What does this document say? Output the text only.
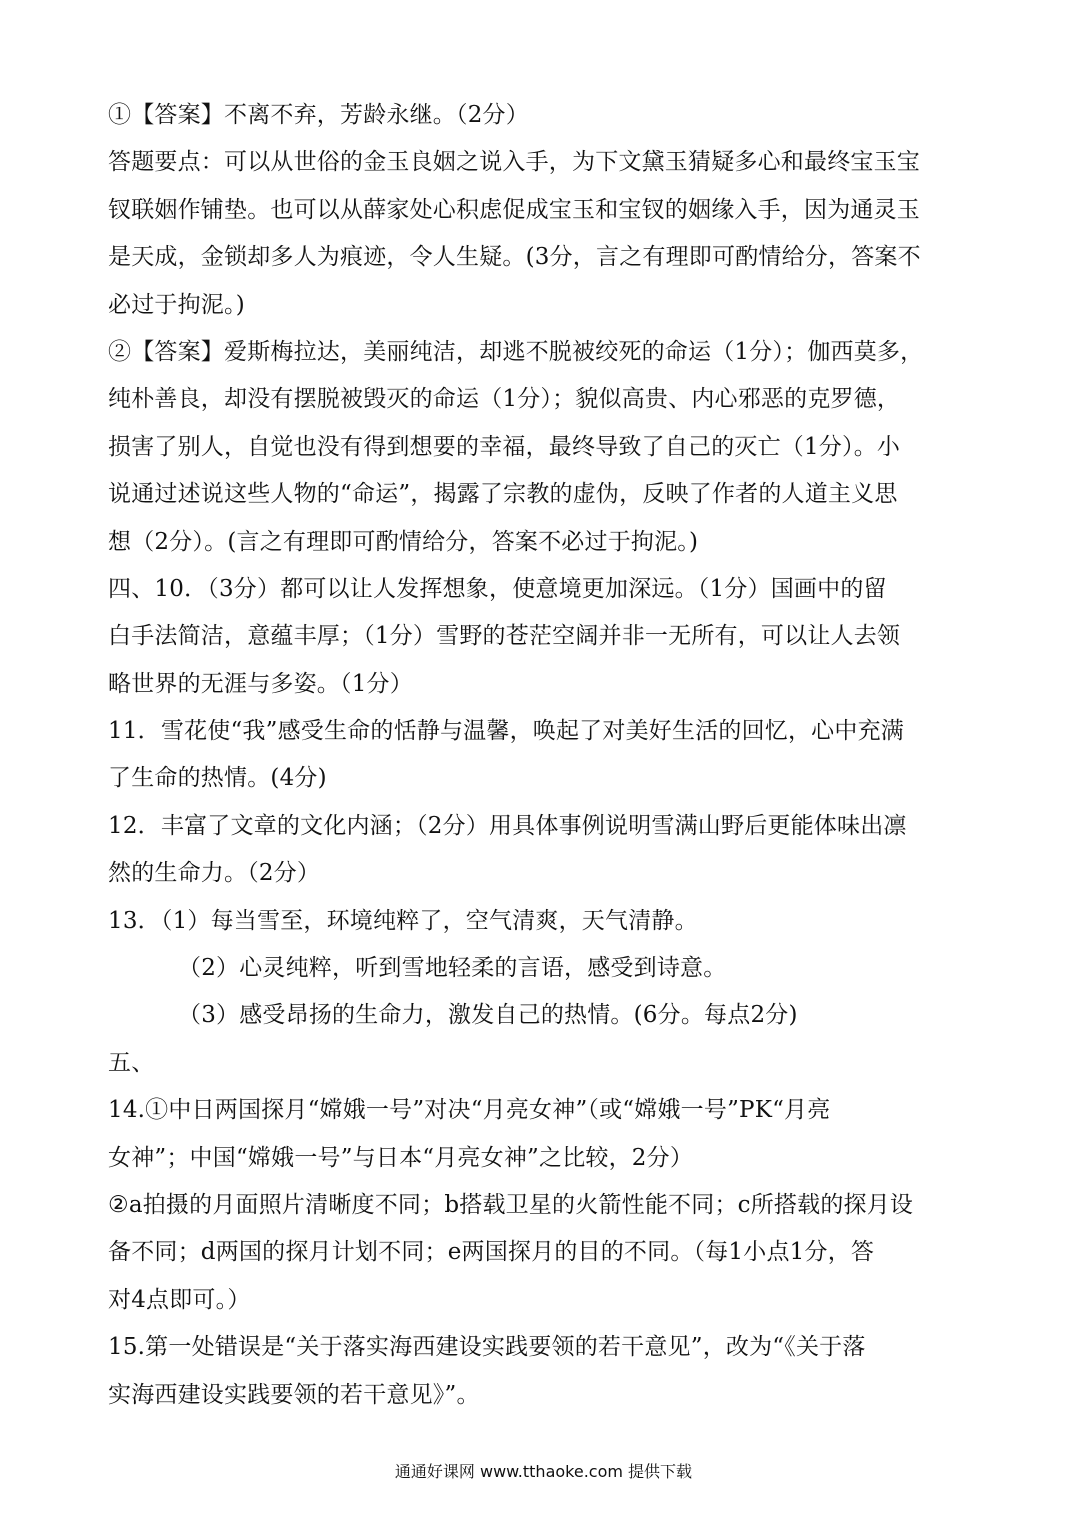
①【答案】不离不弃，芳龄永继。（2分）
答题要点：可以从世俗的金玉良姻之说入手，为下文黛玉猜疑多心和最终宝玉宝
钗联姻作铺垫。也可以从薛家处心积虑促成宝玉和宝钗的姻缘入手，因为通灵玉
是天成，金锁却多人为痕迹，令人生疑。(3分，言之有理即可酌情给分，答案不
必过于拘泥。)
②【答案】爱斯梅拉达，美丽纯洁，却逃不脱被绞死的命运（1分）；伽西莫多，
纯朴善良，却没有摆脱被毁灭的命运（1分）；貌似高贵、内心邪恶的克罗德，
损害了别人，自觉也没有得到想要的幸福，最终导致了自己的灭亡（1分）。小
说通过述说这些人物的“命运”，揭露了宗教的虚伪，反映了作者的人道主义思
想（2分）。(言之有理即可酌情给分，答案不必过于拘泥。)
四、10．（3分）都可以让人发挥想象，使意境更加深远。（1分）国画中的留
白手法简洁，意蕴丰厚；（1分）雪野的苍茫空阔并非一无所有，可以让人去领
略世界的无涯与多姿。（1分）
11．雪花使“我”感受生命的恬静与温馨，唤起了对美好生活的回忆，心中充满
了生命的热情。(4分)
12．丰富了文章的文化内涵；（2分）用具体事例说明雪满山野后更能体味出凛
然的生命力。（2分）
13．（1）每当雪至，环境纯粹了，空气清爽，天气清静。
（2）心灵纯粹，听到雪地轻柔的言语，感受到诗意。
（3）感受昂扬的生命力，激发自己的热情。(6分。每点2分)
五、
14.①中日两国探月“嫦娥一号”对决“月亮女神”（或“嫦娥一号”PK“月亮
女神”；中国“嫦娥一号”与日本“月亮女神”之比较，2分）
②a拍摄的月面照片清晰度不同；b搭载卫星的火箭性能不同；c所搭载的探月设
备不同；d两国的探月计划不同；e两国探月的目的不同。（每1小点1分，答
对4点即可。）
15.第一处错误是“关于落实海西建设实践要领的若干意见”，改为“《关于落
实海西建设实践要领的若干意见》”。
通通好课网 www.tthaoke.com 提供下载
